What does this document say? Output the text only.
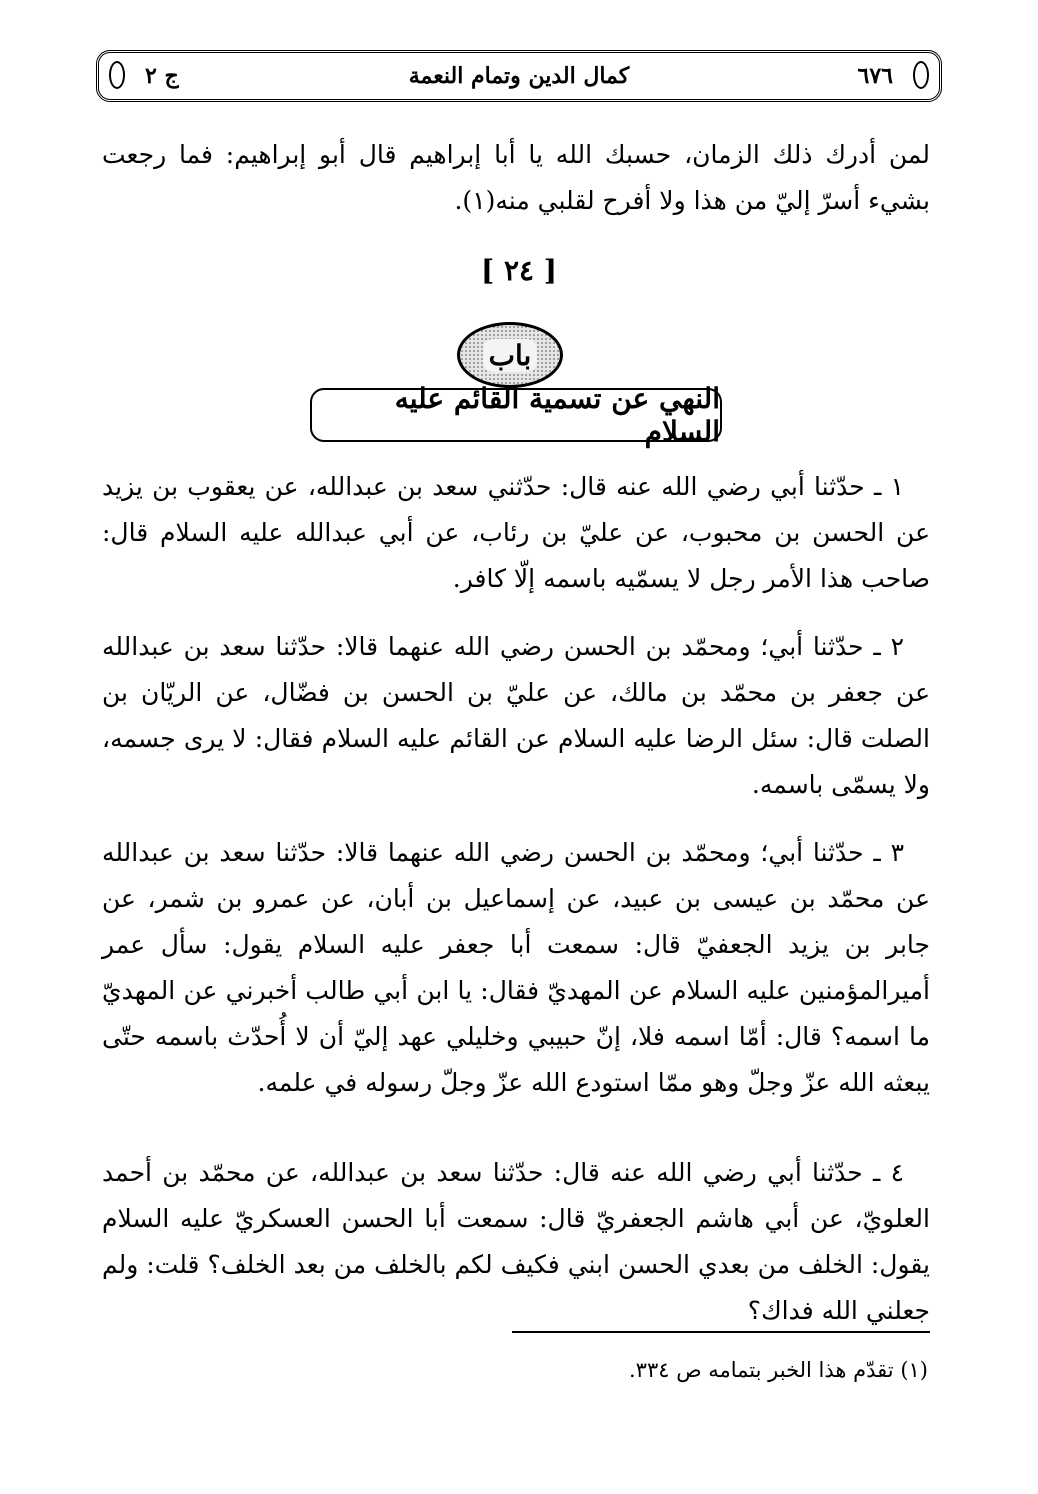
٦٧٦
كمال الدين وتمام النعمة
ج ٢

لمن أدرك ذلك الزمان، حسبك الله يا أبا إبراهيم قال أبو إبراهيم: فما رجعت بشيء أسرّ إليّ من هذا ولا أفرح لقلبي منه(١).

[ ٢٤ ]
باب
النهي عن تسمية القائم عليه السلام

١ ـ حدّثنا أبي رضي الله عنه قال: حدّثني سعد بن عبدالله، عن يعقوب بن يزيد عن الحسن بن محبوب، عن عليّ بن رئاب، عن أبي عبدالله عليه السلام قال: صاحب هذا الأمر رجل لا يسمّيه باسمه إلّا كافر.

٢ ـ حدّثنا أبي؛ ومحمّد بن الحسن رضي الله عنهما قالا: حدّثنا سعد بن عبدالله عن جعفر بن محمّد بن مالك، عن عليّ بن الحسن بن فضّال، عن الريّان بن الصلت قال: سئل الرضا عليه السلام عن القائم عليه السلام فقال: لا يرى جسمه، ولا يسمّى باسمه.

٣ ـ حدّثنا أبي؛ ومحمّد بن الحسن رضي الله عنهما قالا: حدّثنا سعد بن عبدالله عن محمّد بن عيسى بن عبيد، عن إسماعيل بن أبان، عن عمرو بن شمر، عن جابر بن يزيد الجعفيّ قال: سمعت أبا جعفر عليه السلام يقول: سأل عمر أميرالمؤمنين عليه السلام عن المهديّ فقال: يا ابن أبي طالب أخبرني عن المهديّ ما اسمه؟ قال: أمّا اسمه فلا، إنّ حبيبي وخليلي عهد إليّ أن لا أُحدّث باسمه حتّى يبعثه الله عزّ وجلّ وهو ممّا استودع الله عزّ وجلّ رسوله في علمه.

٤ ـ حدّثنا أبي رضي الله عنه قال: حدّثنا سعد بن عبدالله، عن محمّد بن أحمد العلويّ، عن أبي هاشم الجعفريّ قال: سمعت أبا الحسن العسكريّ عليه السلام يقول: الخلف من بعدي الحسن ابني فكيف لكم بالخلف من بعد الخلف؟ قلت: ولم جعلني الله فداك؟

(١) تقدّم هذا الخبر بتمامه ص ٣٣٤.
